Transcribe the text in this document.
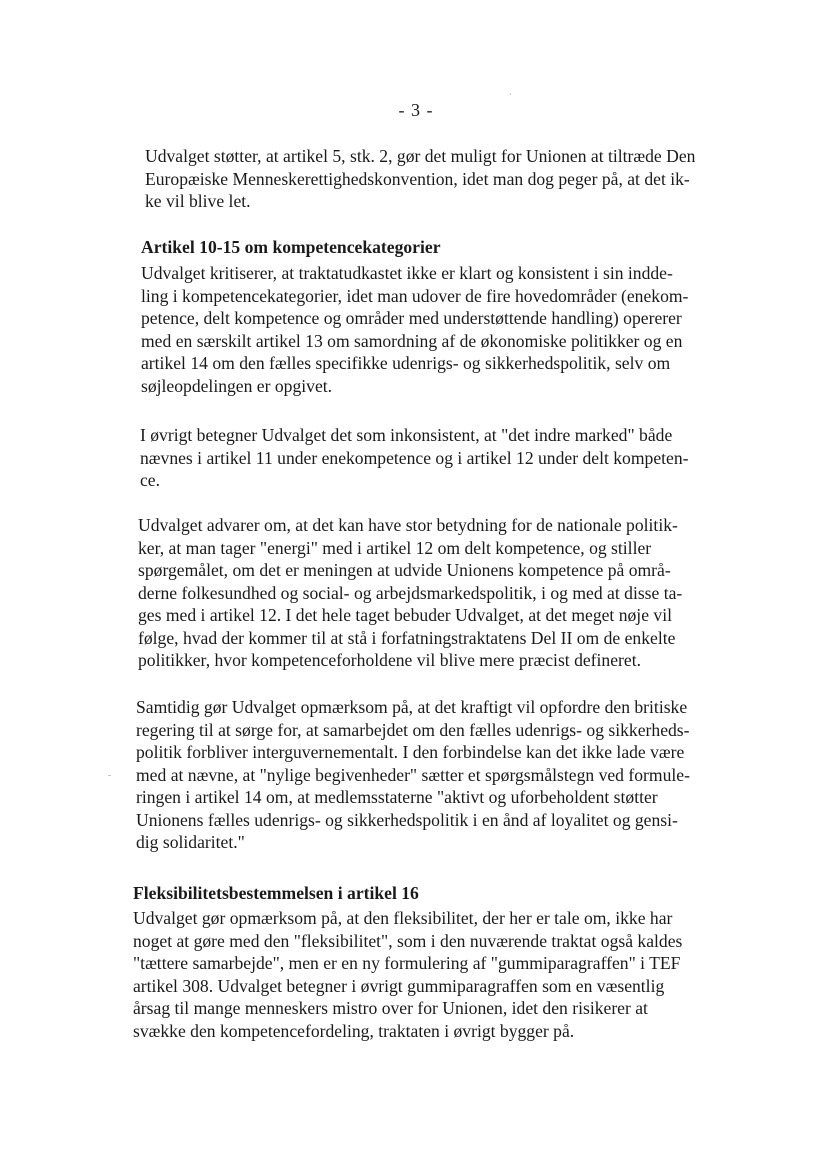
- 3 -
Udvalget støtter, at artikel 5, stk. 2, gør det muligt for Unionen at tiltræde Den
Europæiske Menneskerettighedskonvention, idet man dog peger på, at det ik-
ke vil blive let.
Artikel 10-15 om kompetencekategorier
Udvalget kritiserer, at traktatudkastet ikke er klart og konsistent i sin indde-
ling i kompetencekategorier, idet man udover de fire hovedområder (enekom-
petence, delt kompetence og områder med understøttende handling) opererer
med en særskilt artikel 13 om samordning af de økonomiske politikker og en
artikel 14 om den fælles specifikke udenrigs- og sikkerhedspolitik, selv om
søjleopdelingen er opgivet.
I øvrigt betegner Udvalget det som inkonsistent, at "det indre marked" både
nævnes i artikel 11 under enekompetence og i artikel 12 under delt kompeten-
ce.
Udvalget advarer om, at det kan have stor betydning for de nationale politik-
ker, at man tager "energi" med i artikel 12 om delt kompetence, og stiller
spørgemålet, om det er meningen at udvide Unionens kompetence på områ-
derne folkesundhed og social- og arbejdsmarkedspolitik, i og med at disse ta-
ges med i artikel 12. I det hele taget bebuder Udvalget, at det meget nøje vil
følge, hvad der kommer til at stå i forfatningstraktatens Del II om de enkelte
politikker, hvor kompetenceforholdene vil blive mere præcist defineret.
Samtidig gør Udvalget opmærksom på, at det kraftigt vil opfordre den britiske
regering til at sørge for, at samarbejdet om den fælles udenrigs- og sikkerheds-
politik forbliver interguvernementalt. I den forbindelse kan det ikke lade være
med at nævne, at "nylige begivenheder" sætter et spørgsmålstegn ved formule-
ringen i artikel 14 om, at medlemsstaterne "aktivt og uforbeholdent støtter
Unionens fælles udenrigs- og sikkerhedspolitik i en ånd af loyalitet og gensi-
dig solidaritet."
Fleksibilitetsbestemmelsen i artikel 16
Udvalget gør opmærksom på, at den fleksibilitet, der her er tale om, ikke har
noget at gøre med den "fleksibilitet", som i den nuværende traktat også kaldes
"tættere samarbejde", men er en ny formulering af "gummiparagraffen" i TEF
artikel 308. Udvalget betegner i øvrigt gummiparagraffen som en væsentlig
årsag til mange menneskers mistro over for Unionen, idet den risikerer at
svække den kompetencefordeling, traktaten i øvrigt bygger på.
